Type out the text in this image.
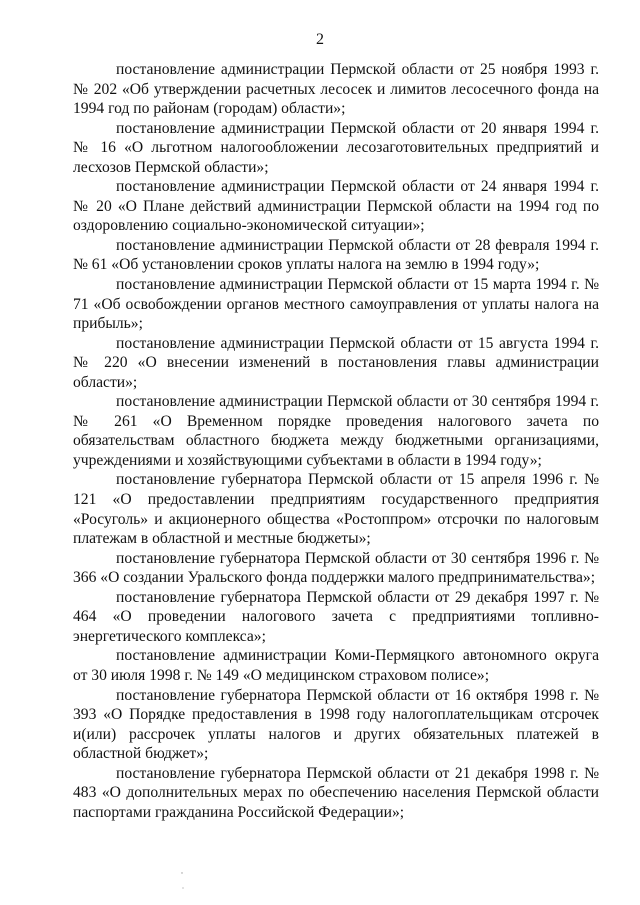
2

постановление администрации Пермской области от 25 ноября 1993 г. № 202 «Об утверждении расчетных лесосек и лимитов лесосечного фонда на 1994 год по районам (городам) области»;

постановление администрации Пермской области от 20 января 1994 г. № 16 «О льготном налогообложении лесозаготовительных предприятий и лесхозов Пермской области»;

постановление администрации Пермской области от 24 января 1994 г. № 20 «О Плане действий администрации Пермской области на 1994 год по оздоровлению социально-экономической ситуации»;

постановление администрации Пермской области от 28 февраля 1994 г. № 61 «Об установлении сроков уплаты налога на землю в 1994 году»;

постановление администрации Пермской области от 15 марта 1994 г. № 71 «Об освобождении органов местного самоуправления от уплаты налога на прибыль»;

постановление администрации Пермской области от 15 августа 1994 г. № 220 «О внесении изменений в постановления главы администрации области»;

постановление администрации Пермской области от 30 сентября 1994 г. № 261 «О Временном порядке проведения налогового зачета по обязательствам областного бюджета между бюджетными организациями, учреждениями и хозяйствующими субъектами в области в 1994 году»;

постановление губернатора Пермской области от 15 апреля 1996 г. № 121 «О предоставлении предприятиям государственного предприятия «Росуголь» и акционерного общества «Ростоппром» отсрочки по налоговым платежам в областной и местные бюджеты»;

постановление губернатора Пермской области от 30 сентября 1996 г. № 366 «О создании Уральского фонда поддержки малого предпринимательства»;

постановление губернатора Пермской области от 29 декабря 1997 г. № 464 «О проведении налогового зачета с предприятиями топливно-энергетического комплекса»;

постановление администрации Коми-Пермяцкого автономного округа от 30 июля 1998 г. № 149 «О медицинском страховом полисе»;

постановление губернатора Пермской области от 16 октября 1998 г. № 393 «О Порядке предоставления в 1998 году налогоплательщикам отсрочек и(или) рассрочек уплаты налогов и других обязательных платежей в областной бюджет»;

постановление губернатора Пермской области от 21 декабря 1998 г. № 483 «О дополнительных мерах по обеспечению населения Пермской области паспортами гражданина Российской Федерации»;
